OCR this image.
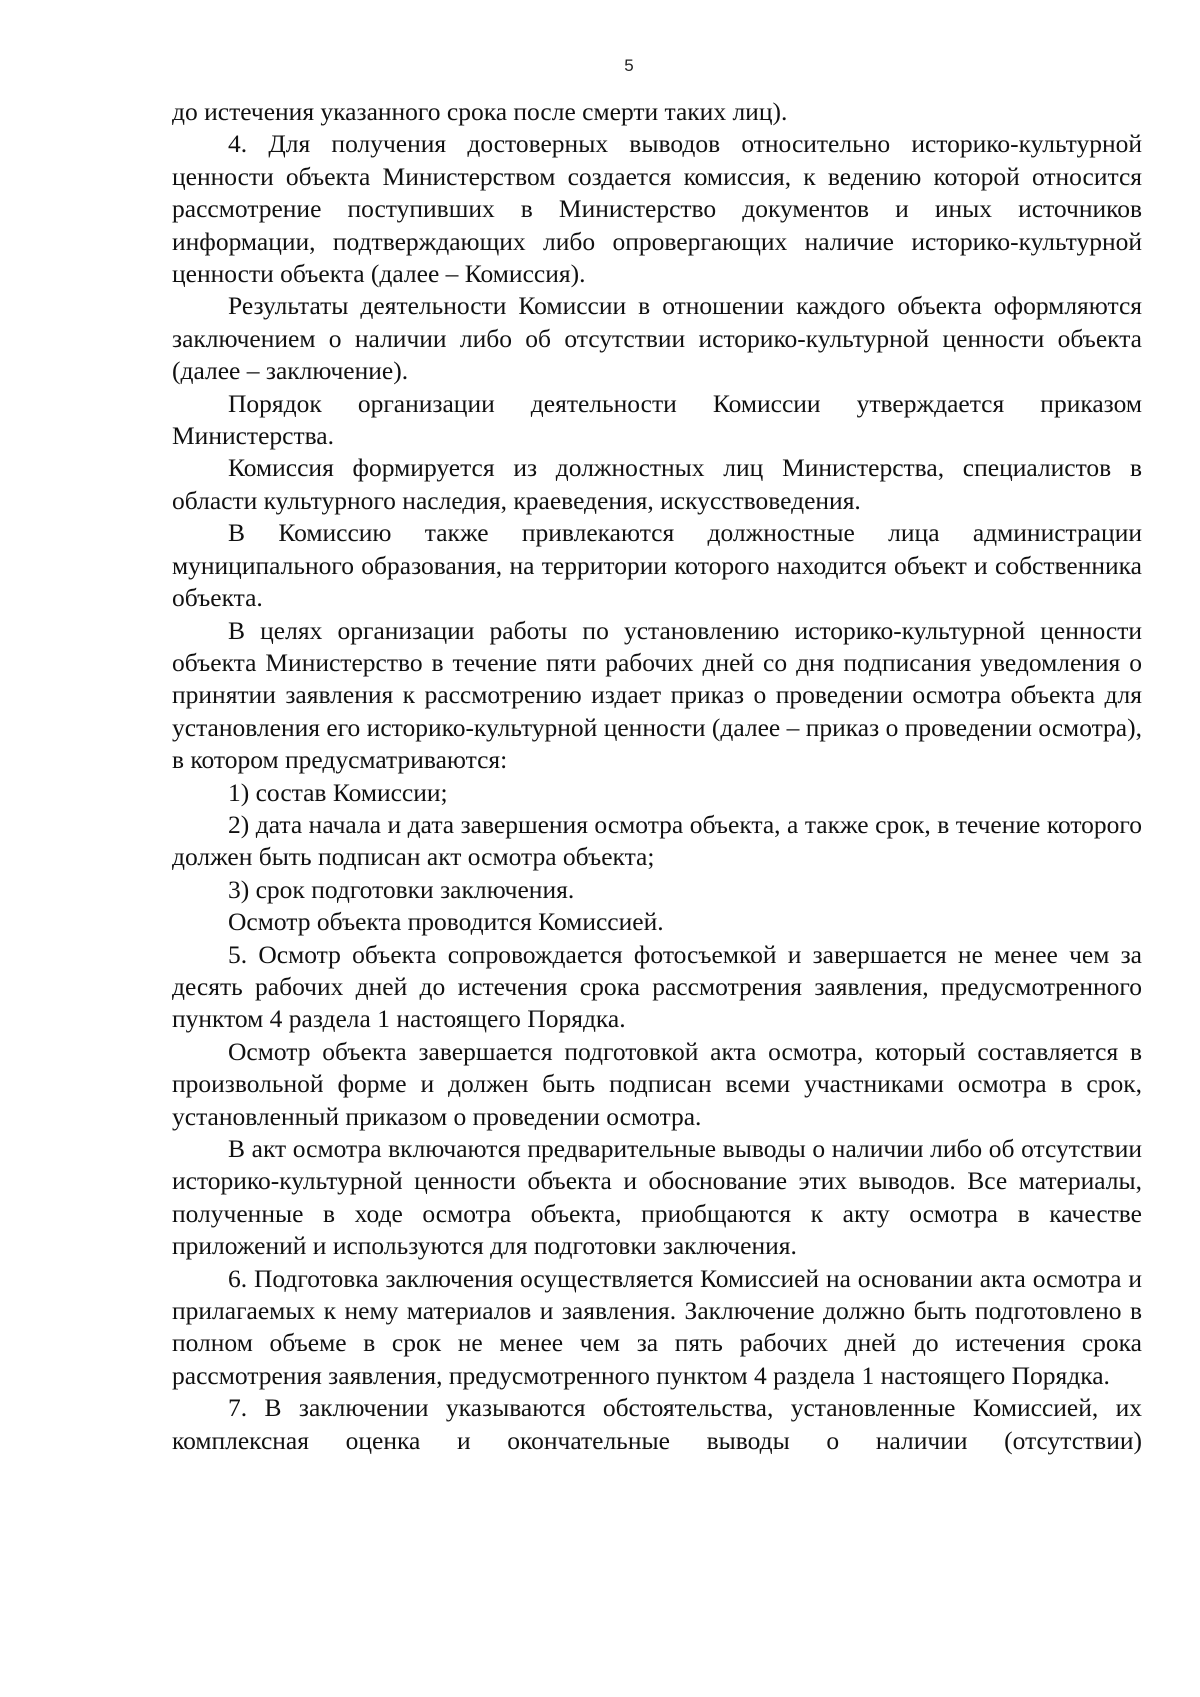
5

до истечения указанного срока после смерти таких лиц).

4. Для получения достоверных выводов относительно историко-культурной ценности объекта Министерством создается комиссия, к ведению которой относится рассмотрение поступивших в Министерство документов и иных источников информации, подтверждающих либо опровергающих наличие историко-культурной ценности объекта (далее – Комиссия).

Результаты деятельности Комиссии в отношении каждого объекта оформляются заключением о наличии либо об отсутствии историко-культурной ценности объекта (далее – заключение).

Порядок организации деятельности Комиссии утверждается приказом Министерства.

Комиссия формируется из должностных лиц Министерства, специалистов в области культурного наследия, краеведения, искусствоведения.

В Комиссию также привлекаются должностные лица администрации муниципального образования, на территории которого находится объект и собственника объекта.

В целях организации работы по установлению историко-культурной ценности объекта Министерство в течение пяти рабочих дней со дня подписания уведомления о принятии заявления к рассмотрению издает приказ о проведении осмотра объекта для установления его историко-культурной ценности (далее – приказ о проведении осмотра), в котором предусматриваются:

1) состав Комиссии;

2) дата начала и дата завершения осмотра объекта, а также срок, в течение которого должен быть подписан акт осмотра объекта;

3) срок подготовки заключения.

Осмотр объекта проводится Комиссией.

5. Осмотр объекта сопровождается фотосъемкой и завершается не менее чем за десять рабочих дней до истечения срока рассмотрения заявления, предусмотренного пунктом 4 раздела 1 настоящего Порядка.

Осмотр объекта завершается подготовкой акта осмотра, который составляется в произвольной форме и должен быть подписан всеми участниками осмотра в срок, установленный приказом о проведении осмотра.

В акт осмотра включаются предварительные выводы о наличии либо об отсутствии историко-культурной ценности объекта и обоснование этих выводов. Все материалы, полученные в ходе осмотра объекта, приобщаются к акту осмотра в качестве приложений и используются для подготовки заключения.

6. Подготовка заключения осуществляется Комиссией на основании акта осмотра и прилагаемых к нему материалов и заявления. Заключение должно быть подготовлено в полном объеме в срок не менее чем за пять рабочих дней до истечения срока рассмотрения заявления, предусмотренного пунктом 4 раздела 1 настоящего Порядка.

7. В заключении указываются обстоятельства, установленные Комиссией, их комплексная оценка и окончательные выводы о наличии (отсутствии)
